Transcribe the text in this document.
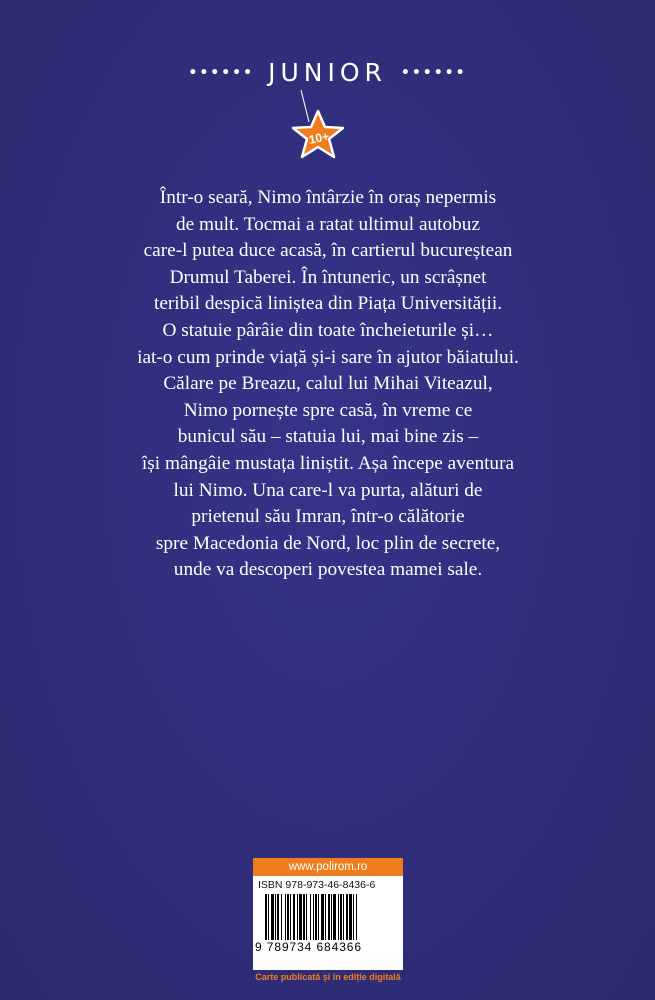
•••••• JUNIOR ••••••
10+
Într-o seară, Nimo întârzie în oraș nepermis
de mult. Tocmai a ratat ultimul autobuz
care-l putea duce acasă, în cartierul bucureștean
Drumul Taberei. În întuneric, un scrâșnet
teribil despică liniștea din Piața Universității.
O statuie pârâie din toate încheieturile și…
iat-o cum prinde viață și-i sare în ajutor băiatului.
Călare pe Breazu, calul lui Mihai Viteazul,
Nimo pornește spre casă, în vreme ce
bunicul său – statuia lui, mai bine zis –
își mângâie mustața liniștit. Așa începe aventura
lui Nimo. Una care-l va purta, alături de
prietenul său Imran, într-o călătorie
spre Macedonia de Nord, loc plin de secrete,
unde va descoperi povestea mamei sale.
www.polirom.ro
ISBN 978-973-46-8436-6
9 789734 684366
Carte publicată și în ediție digitală
